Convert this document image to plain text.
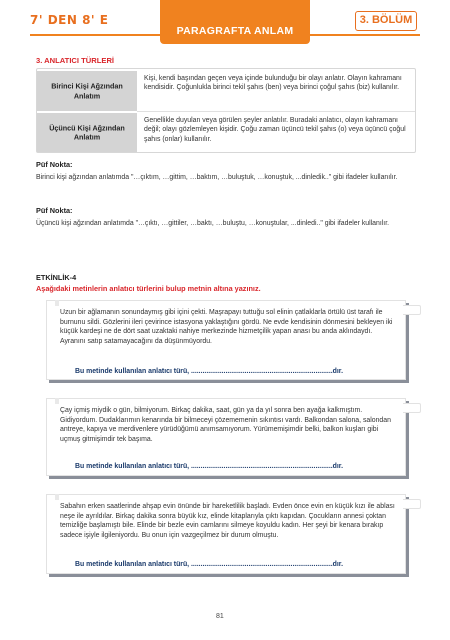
7' DEN 8' E
PARAGRAFTA ANLAM
3. BÖLÜM
3. ANLATICI TÜRLERİ
Birinci Kişi Ağzından Anlatım
Kişi, kendi başından geçen veya içinde bulunduğu bir olayı anlatır. Olayın kahramanı kendisidir. Çoğunlukla birinci tekil şahıs (ben) veya birinci çoğul şahıs (biz) kullanılır.
Üçüncü Kişi Ağzından Anlatım
Genellikle duyulan veya görülen şeyler anlatılır. Buradaki anlatıcı, olayın kahramanı değil; olayı gözlemleyen kişidir. Çoğu zaman üçüncü tekil şahıs (o) veya üçüncü çoğul şahıs (onlar) kullanılır.
Püf Nokta:
Birinci kişi ağzından anlatımda "…çıktım, …gittim, …baktım, …buluştuk, …konuştuk, ...dinledik.." gibi ifadeler kullanılır.
Püf Nokta:
Üçüncü kişi ağzından anlatımda "…çıktı, …gittiler, …baktı, …buluştu, …konuştular, ...dinledi.." gibi ifadeler kullanılır.
ETKİNLİK-4
Aşağıdaki metinlerin anlatıcı türlerini bulup metnin altına yazınız.

Uzun bir ağlamanın sonundaymış gibi içini çekti. Maşrapayı tuttuğu sol elinin çatlaklarla örtülü üst tarafı ile burnunu sildi. Gözlerini ileri çevirince istasyona yaklaştığını gördü. Ne evde kendisinin dönmesini bekleyen iki küçük kardeşi ne de dört saat uzaktaki nahiye merkezinde hizmetçilik yapan anası bu anda aklındaydı. Ayranını satıp satamayacağını da düşünmüyordu.

Bu metinde kullanılan anlatıcı türü, ..........................................................................dır.

Çay içmiş miydik o gün, bilmiyorum. Birkaç dakika, saat, gün ya da yıl sonra ben ayağa kalkmıştım. Gidiyordum. Dudaklarımın kenarında bir bilmeceyi çözememenin sıkıntısı vardı. Balkondan salona, salondan antreye, kapıya ve merdivenlere yürüdüğümü anımsamıyorum. Yürümemişimdir belki, balkon kuşları gibi uçmuş gitmişimdir tek başıma.

Bu metinde kullanılan anlatıcı türü, ..........................................................................dır.

Sabahın erken saatlerinde ahşap evin önünde bir hareketlilik başladı. Evden önce evin en küçük kızı ile ablası neşe ile ayrıldılar. Birkaç dakika sonra büyük kız, elinde kitaplarıyla çıktı kapıdan. Çocukların annesi çoktan temizliğe başlamıştı bile. Elinde bir bezle evin camlarını silmeye koyuldu kadın. Her şeyi bir kenara bırakıp sadece işiyle ilgileniyordu. Bu onun için vazgeçilmez bir durum olmuştu.

Bu metinde kullanılan anlatıcı türü, ..........................................................................dır.
81
